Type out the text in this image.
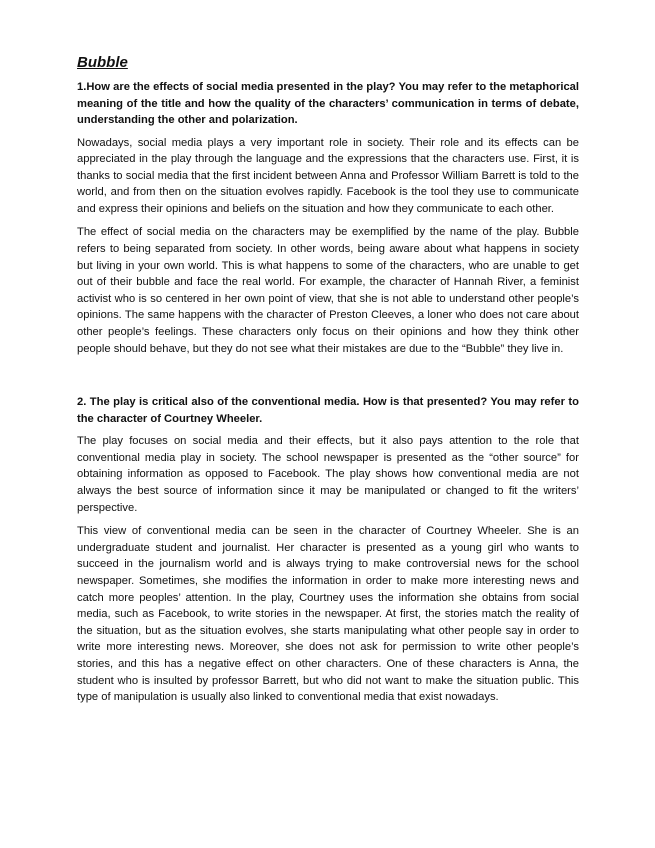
Bubble
1.How are the effects of social media presented in the play? You may refer to the metaphorical meaning of the title and how the quality of the characters’ communication in terms of debate, understanding the other and polarization.
Nowadays, social media plays a very important role in society. Their role and its effects can be appreciated in the play through the language and the expressions that the characters use. First, it is thanks to social media that the first incident between Anna and Professor William Barrett is told to the world, and from then on the situation evolves rapidly. Facebook is the tool they use to communicate and express their opinions and beliefs on the situation and how they communicate to each other.
The effect of social media on the characters may be exemplified by the name of the play. Bubble refers to being separated from society. In other words, being aware about what happens in society but living in your own world. This is what happens to some of the characters, who are unable to get out of their bubble and face the real world. For example, the character of Hannah River, a feminist activist who is so centered in her own point of view, that she is not able to understand other people’s opinions. The same happens with the character of Preston Cleeves, a loner who does not care about other people’s feelings. These characters only focus on their opinions and how they think other people should behave, but they do not see what their mistakes are due to the “Bubble” they live in.
2. The play is critical also of the conventional media. How is that presented? You may refer to the character of Courtney Wheeler.
The play focuses on social media and their effects, but it also pays attention to the role that conventional media play in society. The school newspaper is presented as the “other source” for obtaining information as opposed to Facebook. The play shows how conventional media are not always the best source of information since it may be manipulated or changed to fit the writers’ perspective.
This view of conventional media can be seen in the character of Courtney Wheeler. She is an undergraduate student and journalist. Her character is presented as a young girl who wants to succeed in the journalism world and is always trying to make controversial news for the school newspaper. Sometimes, she modifies the information in order to make more interesting news and catch more peoples’ attention. In the play, Courtney uses the information she obtains from social media, such as Facebook, to write stories in the newspaper. At first, the stories match the reality of the situation, but as the situation evolves, she starts manipulating what other people say in order to write more interesting news. Moreover, she does not ask for permission to write other people’s stories, and this has a negative effect on other characters. One of these characters is Anna, the student who is insulted by professor Barrett, but who did not want to make the situation public. This type of manipulation is usually also linked to conventional media that exist nowadays.
